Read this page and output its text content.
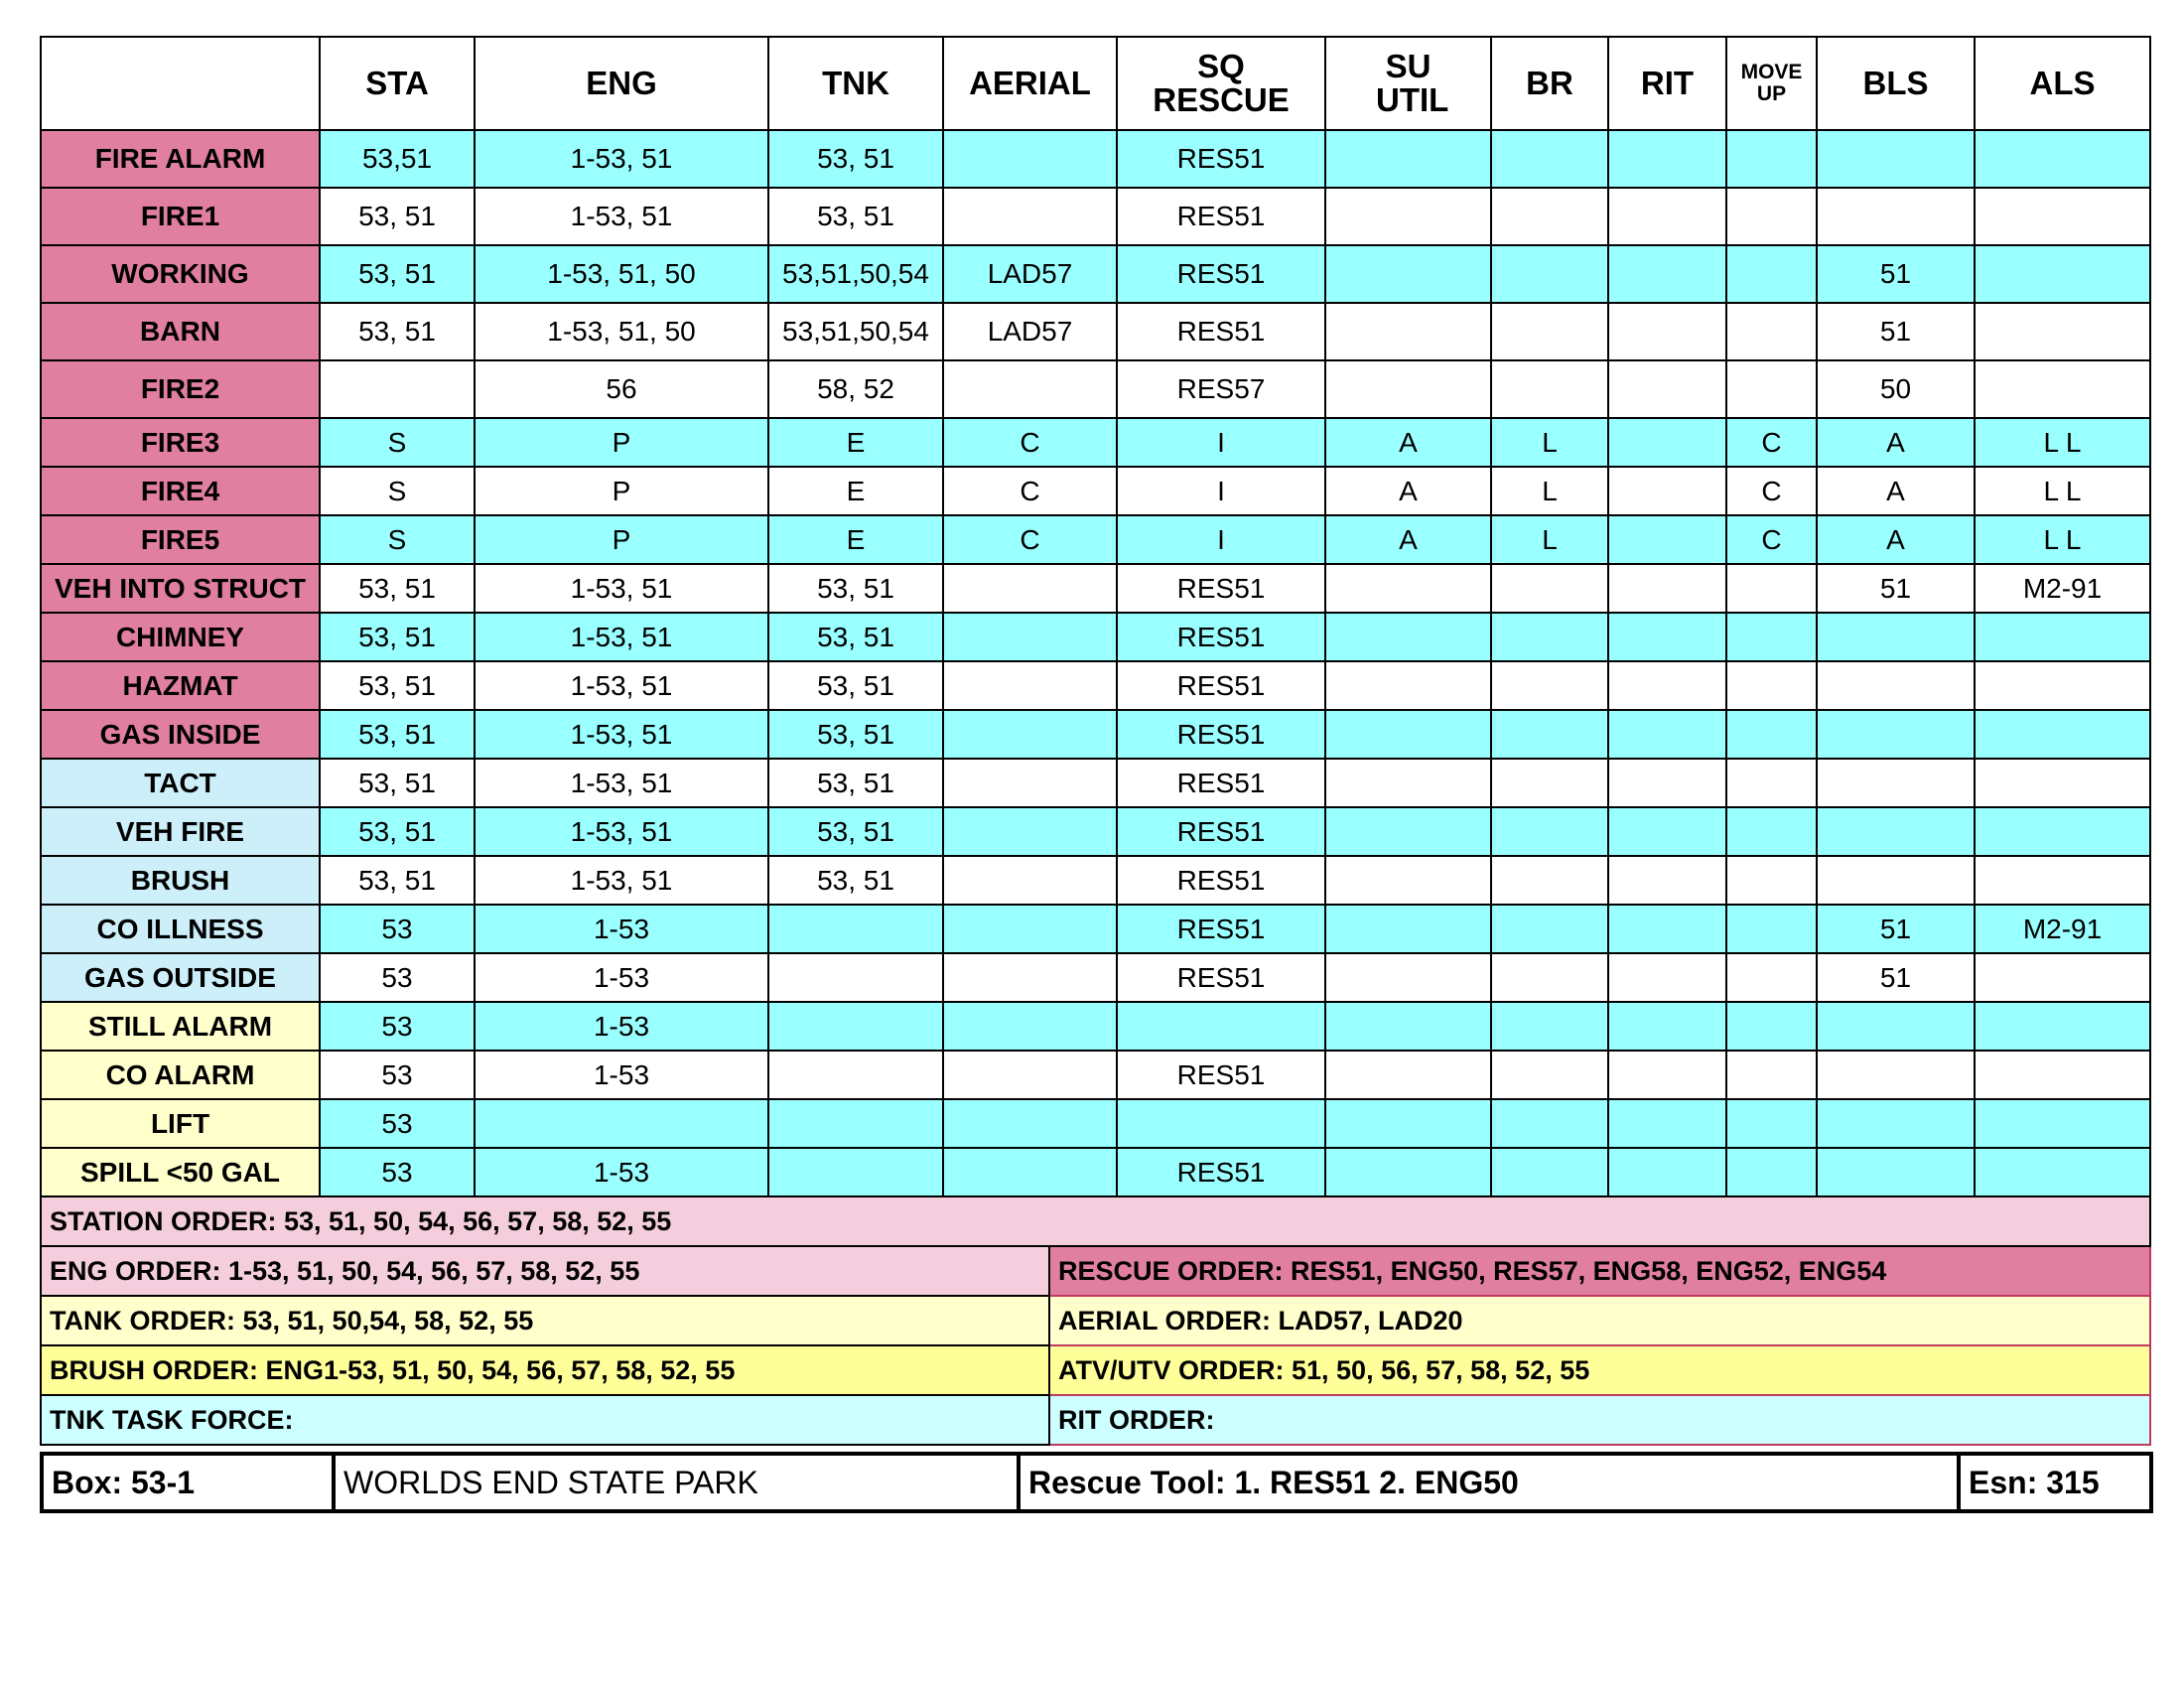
	STA	ENG	TNK	AERIAL	SQ RESCUE	SU UTIL	BR	RIT	MOVE UP	BLS	ALS
FIRE ALARM	53,51	1-53, 51	53, 51		RES51						
FIRE1	53, 51	1-53, 51	53, 51		RES51						
WORKING	53, 51	1-53, 51, 50	53,51,50,54	LAD57	RES51					51	
BARN	53, 51	1-53, 51, 50	53,51,50,54	LAD57	RES51					51	
FIRE2		56	58, 52		RES57					50	
FIRE3	S	P	E	C	I	A	L		C	A	L L
FIRE4	S	P	E	C	I	A	L		C	A	L L
FIRE5	S	P	E	C	I	A	L		C	A	L L
VEH INTO STRUCT	53, 51	1-53, 51	53, 51		RES51					51	M2-91
CHIMNEY	53, 51	1-53, 51	53, 51		RES51						
HAZMAT	53, 51	1-53, 51	53, 51		RES51						
GAS INSIDE	53, 51	1-53, 51	53, 51		RES51						
TACT	53, 51	1-53, 51	53, 51		RES51						
VEH FIRE	53, 51	1-53, 51	53, 51		RES51						
BRUSH	53, 51	1-53, 51	53, 51		RES51						
CO ILLNESS	53	1-53			RES51					51	M2-91
GAS OUTSIDE	53	1-53			RES51					51	
STILL ALARM	53	1-53									
CO ALARM	53	1-53			RES51						
LIFT	53										
SPILL <50 GAL	53	1-53			RES51						
STATION ORDER: 53, 51, 50, 54, 56, 57, 58, 52, 55	
ENG ORDER: 1-53, 51, 50, 54, 56, 57, 58, 52, 55	RESCUE ORDER: RES51, ENG50, RES57, ENG58, ENG52, ENG54
TANK ORDER: 53, 51, 50,54, 58, 52, 55	AERIAL ORDER: LAD57, LAD20
BRUSH ORDER: ENG1-53, 51, 50, 54, 56, 57, 58, 52, 55	ATV/UTV ORDER: 51, 50, 56, 57, 58, 52, 55
TNK TASK FORCE:	RIT ORDER:
Box: 53-1	WORLDS END STATE PARK	Rescue Tool: 1. RES51 2. ENG50	Esn: 315
